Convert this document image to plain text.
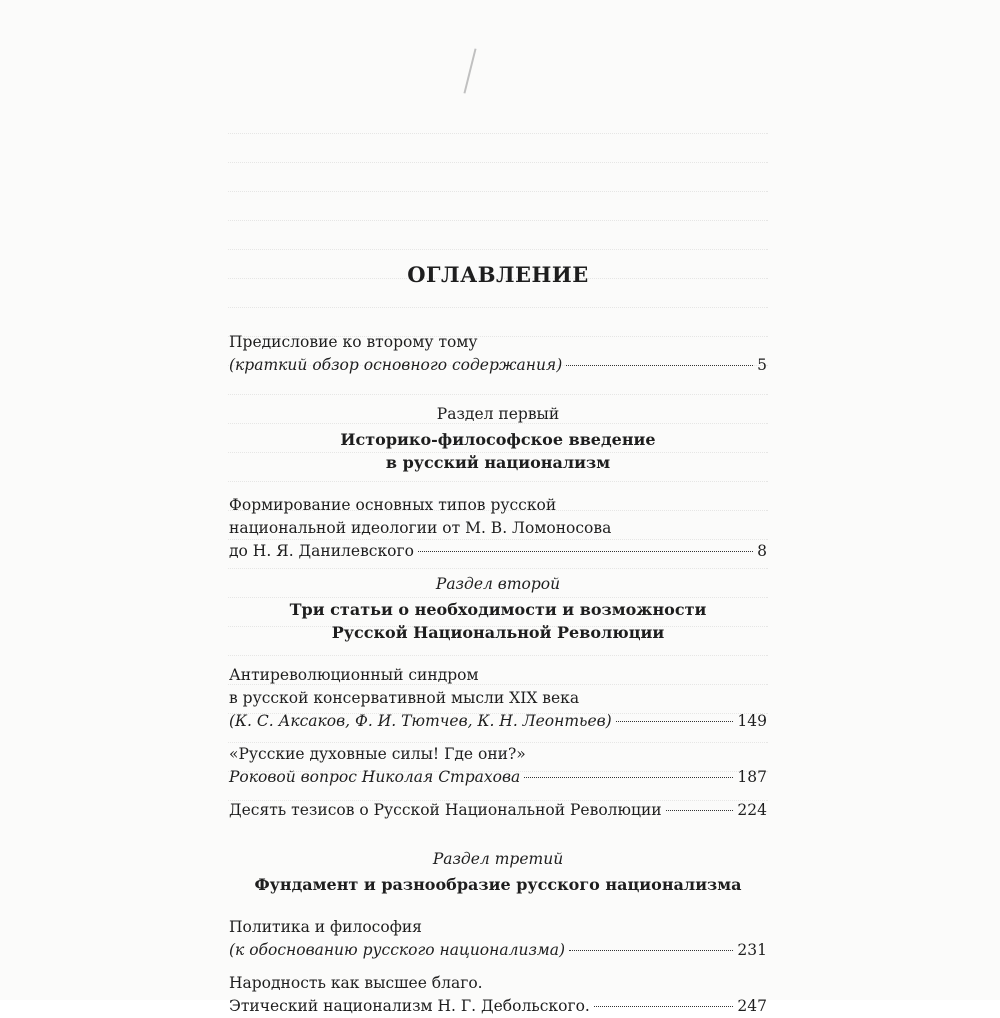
ОГЛАВЛЕНИЕ
Предисловие ко второму тому
(краткий обзор основного содержания)	5
Раздел первый
Историко-философское введение
в русский национализм
Формирование основных типов русской
национальной идеологии от М. В. Ломоносова
до Н. Я. Данилевского	8
Раздел второй
Три статьи о необходимости и возможности
Русской Национальной Революции
Антиреволюционный синдром
в русской консервативной мысли XIX века
(К. С. Аксаков, Ф. И. Тютчев, К. Н. Леонтьев)	149
«Русские духовные силы! Где они?»
Роковой вопрос Николая Страхова	187
Десять тезисов о Русской Национальной Революции	224
Раздел третий
Фундамент и разнообразие русского национализма
Политика и философия
(к обоснованию русского национализма)	231
Народность как высшее благо.
Этический национализм Н. Г. Дебольского.	247
